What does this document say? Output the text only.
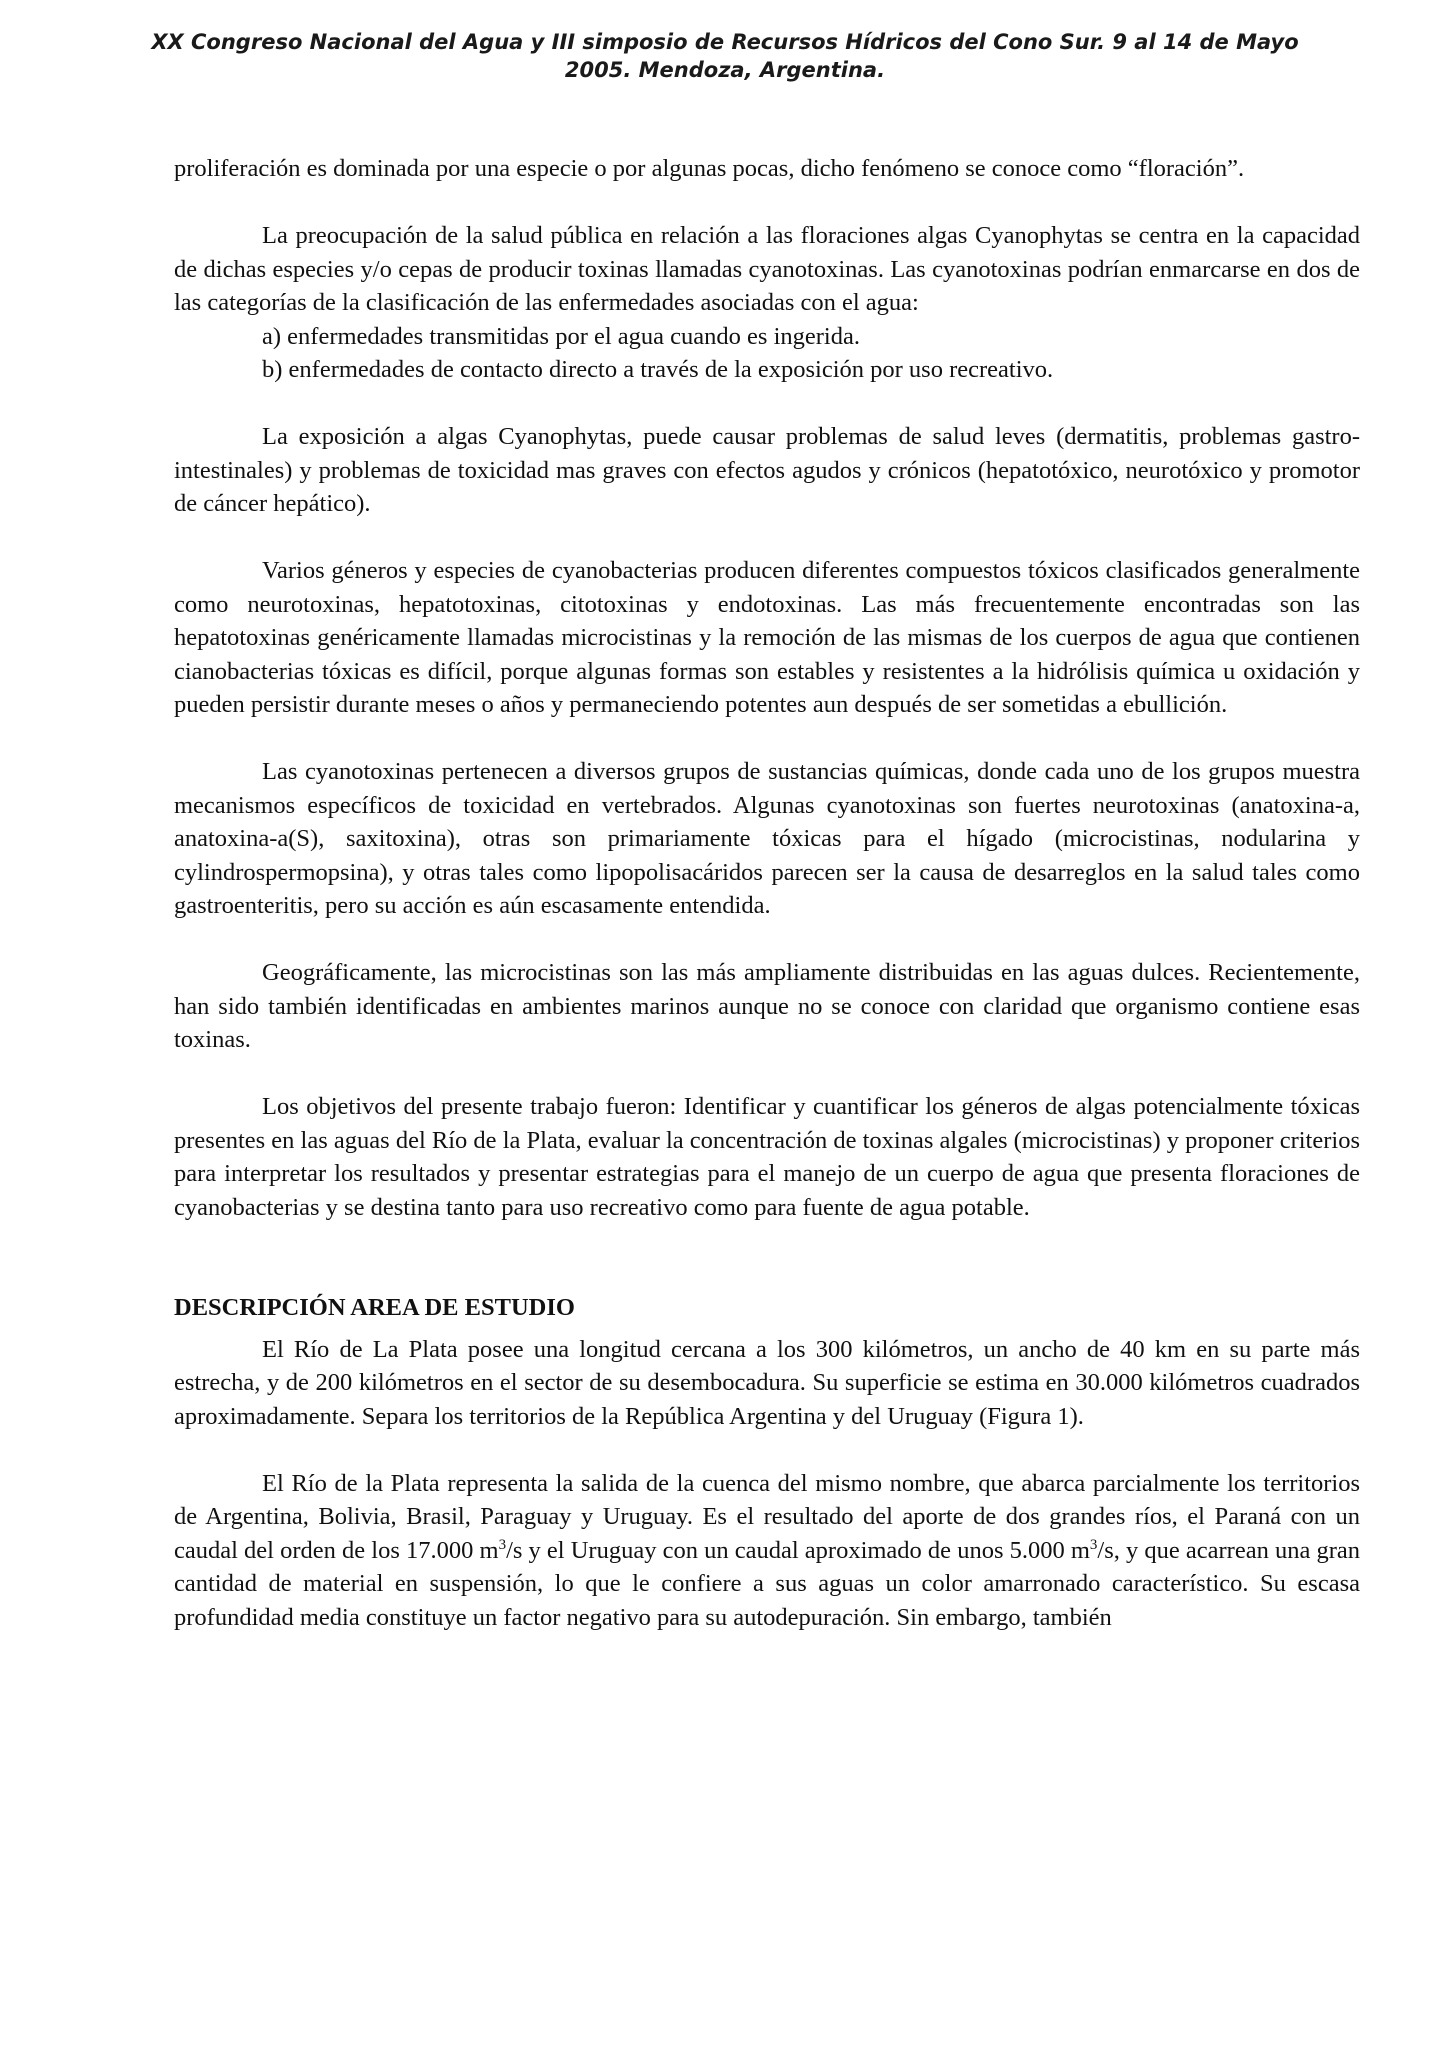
XX Congreso Nacional del Agua y III simposio de Recursos Hídricos del Cono Sur. 9 al 14 de Mayo
2005. Mendoza, Argentina.

proliferación es dominada por una especie o por algunas pocas, dicho fenómeno se conoce como “floración”.

La preocupación de la salud pública en relación a las floraciones algas Cyanophytas se centra en la capacidad de dichas especies y/o cepas de producir toxinas llamadas cyanotoxinas. Las cyanotoxinas podrían enmarcarse en dos de las categorías de la clasificación de las enfermedades asociadas con el agua:

a) enfermedades transmitidas por el agua cuando es ingerida.

b) enfermedades de contacto directo a través de la exposición por uso recreativo.

La exposición a algas Cyanophytas, puede causar problemas de salud leves (dermatitis, problemas gastro- intestinales) y problemas de toxicidad mas graves con efectos agudos y crónicos (hepatotóxico, neurotóxico y promotor de cáncer hepático).

Varios géneros y especies de cyanobacterias producen diferentes compuestos tóxicos clasificados generalmente como neurotoxinas, hepatotoxinas, citotoxinas y endotoxinas. Las más frecuentemente encontradas son las hepatotoxinas genéricamente llamadas microcistinas y la remoción de las mismas de los cuerpos de agua que contienen cianobacterias tóxicas es difícil, porque algunas formas son estables y resistentes a la hidrólisis química u oxidación y pueden persistir durante meses o años y permaneciendo potentes aun después de ser sometidas a ebullición.

Las cyanotoxinas pertenecen a diversos grupos de sustancias químicas, donde cada uno de los grupos muestra mecanismos específicos de toxicidad en vertebrados. Algunas cyanotoxinas son fuertes neurotoxinas (anatoxina-a, anatoxina-a(S), saxitoxina), otras son primariamente tóxicas para el hígado (microcistinas, nodularina y cylindrospermopsina), y otras tales como lipopolisacáridos parecen ser la causa de desarreglos en la salud tales como gastroenteritis, pero su acción es aún escasamente entendida.

Geográficamente, las microcistinas son las más ampliamente distribuidas en las aguas dulces. Recientemente, han sido también identificadas en ambientes marinos aunque no se conoce con claridad que organismo contiene esas toxinas.

Los objetivos del presente trabajo fueron: Identificar y cuantificar los géneros de algas potencialmente tóxicas presentes en las aguas del Río de la Plata, evaluar la concentración de toxinas algales (microcistinas) y proponer criterios para interpretar los resultados y presentar estrategias para el manejo de un cuerpo de agua que presenta floraciones de cyanobacterias y se destina tanto para uso recreativo como para fuente de agua potable.

DESCRIPCIÓN AREA DE ESTUDIO

El Río de La Plata posee una longitud cercana a los 300 kilómetros, un ancho de 40 km en su parte más estrecha, y de 200 kilómetros en el sector de su desembocadura. Su superficie se estima en 30.000 kilómetros cuadrados aproximadamente. Separa los territorios de la República Argentina y del Uruguay (Figura 1).

El Río de la Plata representa la salida de la cuenca del mismo nombre, que abarca parcialmente los territorios de Argentina, Bolivia, Brasil, Paraguay y Uruguay. Es el resultado del aporte de dos grandes ríos, el Paraná con un caudal del orden de los 17.000 $m^3/s$ y el Uruguay con un caudal aproximado de unos 5.000 $m^3/s$, y que acarrean una gran cantidad de material en suspensión, lo que le confiere a sus aguas un color amarronado característico. Su escasa profundidad media constituye un factor negativo para su autodepuración. Sin embargo, también
